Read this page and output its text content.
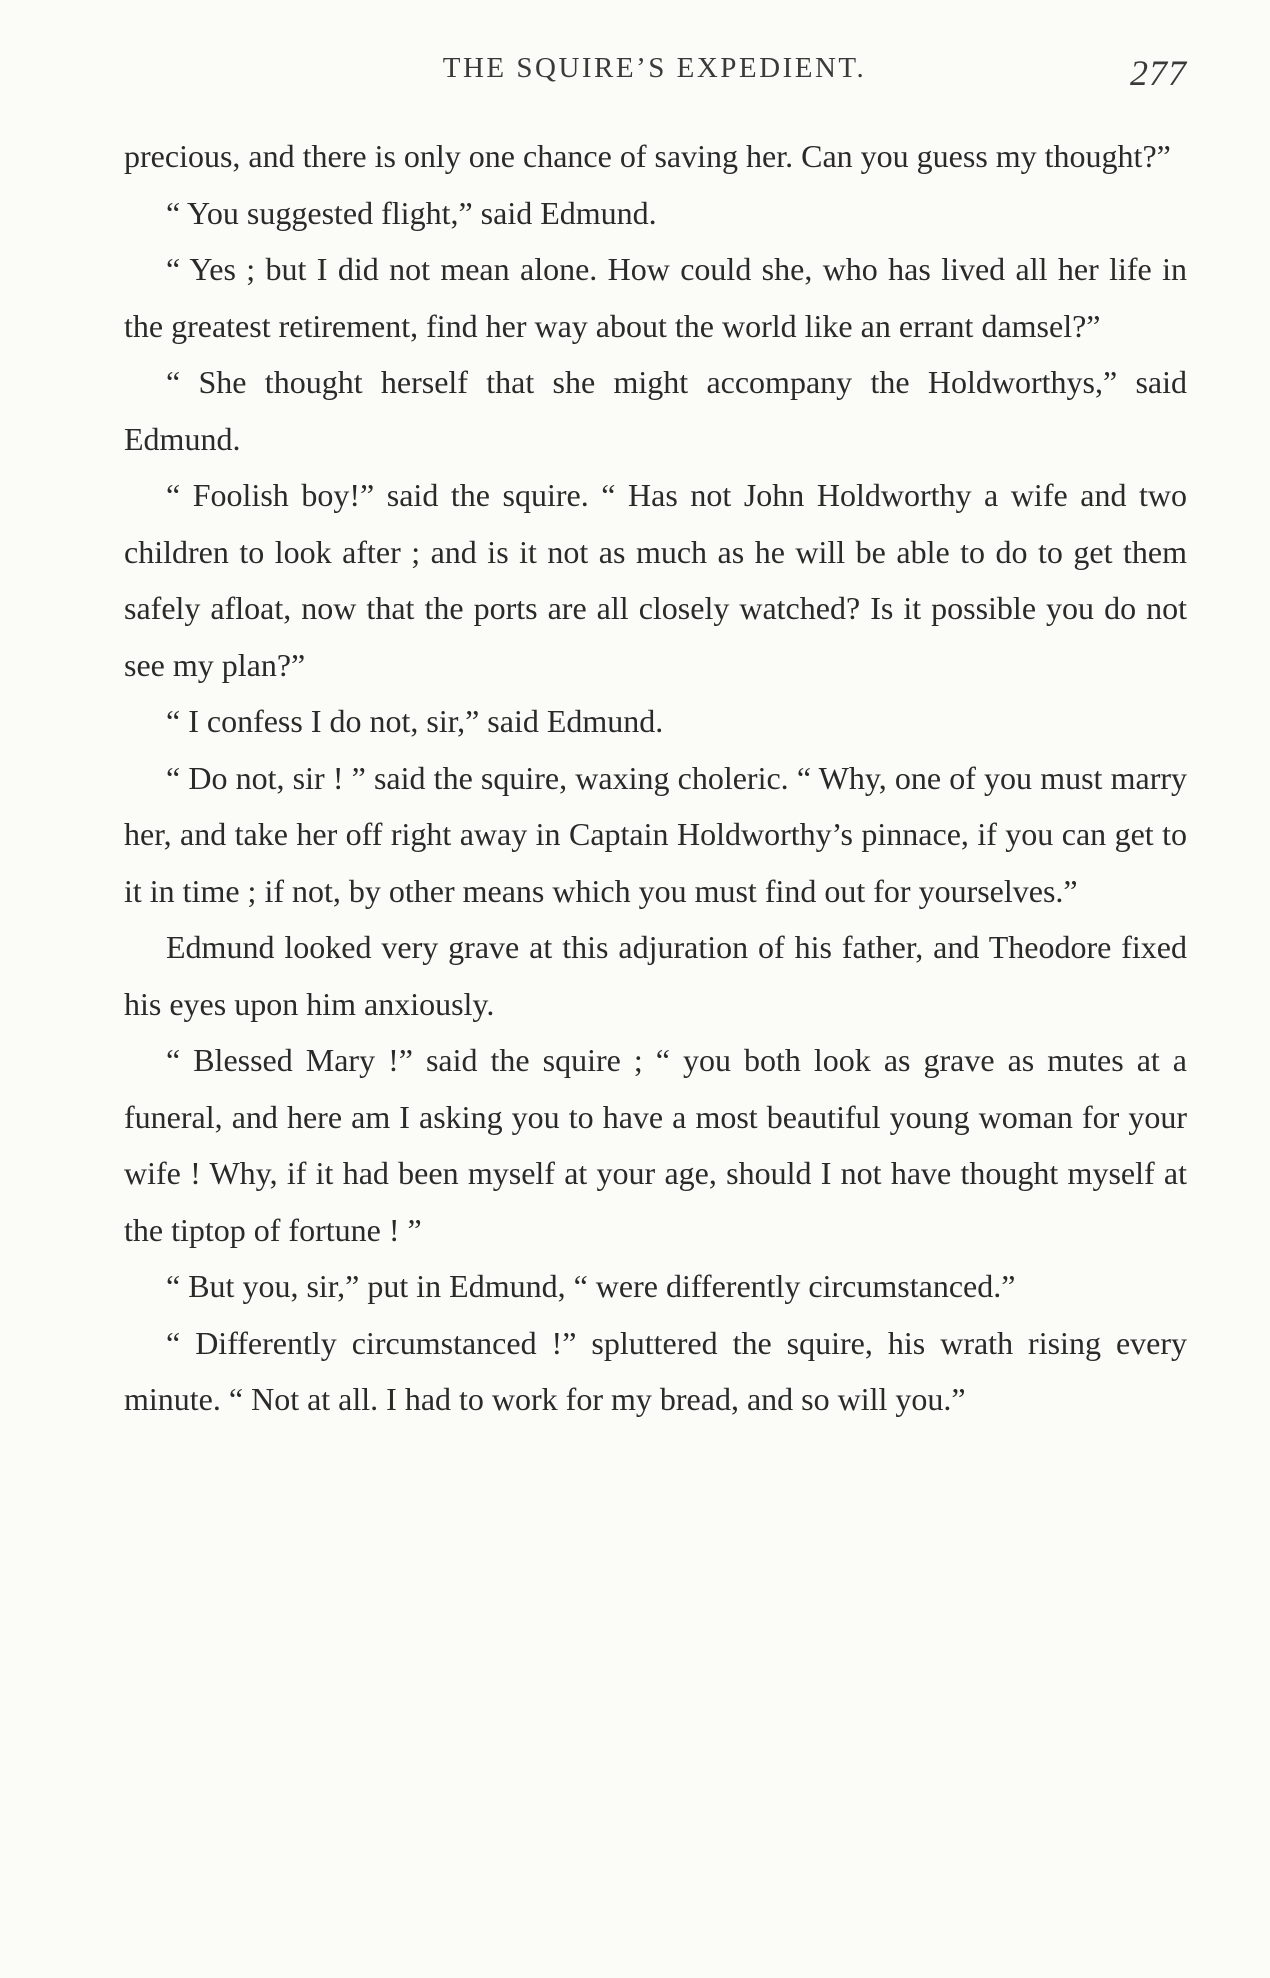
THE SQUIRE’S EXPEDIENT.	277

precious, and there is only one chance of saving her. Can you guess my thought?”

“ You suggested flight,” said Edmund.

“ Yes ; but I did not mean alone. How could she, who has lived all her life in the greatest retirement, find her way about the world like an errant damsel?”

“ She thought herself that she might accompany the Holdworthys,” said Edmund.

“ Foolish boy!” said the squire. “ Has not John Holdworthy a wife and two children to look after ; and is it not as much as he will be able to do to get them safely afloat, now that the ports are all closely watched? Is it possible you do not see my plan?”

“ I confess I do not, sir,” said Edmund.

“ Do not, sir ! ” said the squire, waxing choleric. “ Why, one of you must marry her, and take her off right away in Captain Holdworthy’s pinnace, if you can get to it in time ; if not, by other means which you must find out for yourselves.”

Edmund looked very grave at this adjuration of his father, and Theodore fixed his eyes upon him anxiously.

“ Blessed Mary !” said the squire ; “ you both look as grave as mutes at a funeral, and here am I asking you to have a most beautiful young woman for your wife ! Why, if it had been myself at your age, should I not have thought myself at the tiptop of fortune ! ”

“ But you, sir,” put in Edmund, “ were differently circumstanced.”

“ Differently circumstanced !” spluttered the squire, his wrath rising every minute. “ Not at all. I had to work for my bread, and so will you.”
